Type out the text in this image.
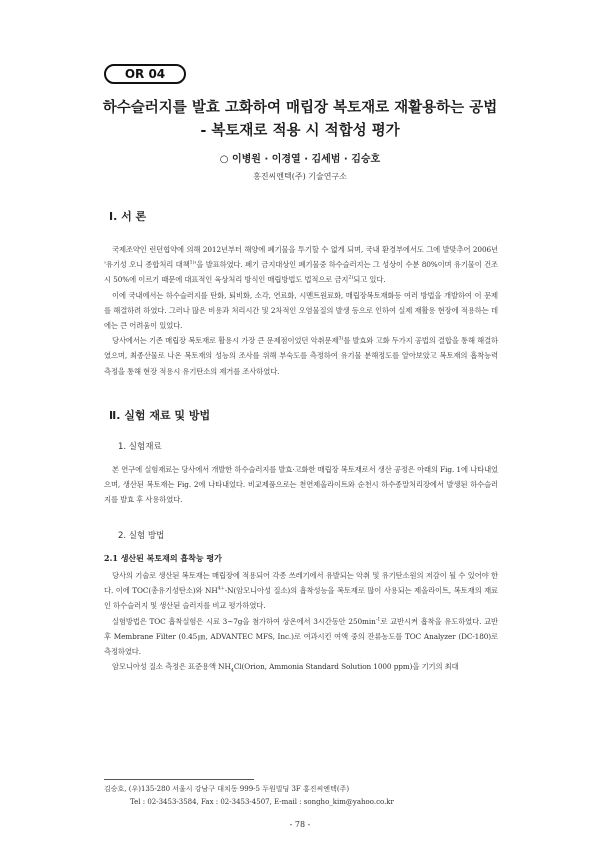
OR 04
하수슬러지를 발효 고화하여 매립장 복토재로 재활용하는 공법
- 복토재로 적용 시 적합성 평가
○ 이병원 · 이경열 · 김세범 · 김승호
홍진씨엔텍(주) 기술연구소
Ⅰ. 서 론

국제조약인 런던협약에 의해 2012년부터 해양에 폐기물을 투기할 수 없게 되며, 국내 환경부에서도 그에 발맞추어 2006년 '유기성 오니 종합처리 대책$^{1)}$'을 발표하였다. 폐기 금지대상인 폐기물중 하수슬러지는 그 성상이 수분 80%이며 유기물이 건조시 50%에 이르기 때문에 대표적인 육상처리 방식인 매립방법도 법적으로 금지$^{2)}$되고 있다.

이에 국내에서는 하수슬러지를 탄화, 퇴비화, 소각, 연료화, 시멘트원료화, 매립장복토재화등 여러 방법을 개발하여 이 문제를 해결하려 하였다. 그러나 많은 비용과 처리시간 및 2차적인 오염물질의 발생 등으로 인하여 실제 재활용 현장에 적용하는 데에는 큰 어려움이 있었다.

당사에서는 기존 매립장 복토재로 활용시 가장 큰 문제점이었던 악취문제$^{3)}$를 발효와 고화 두가지 공법의 결합을 통해 해결하였으며, 최종산물로 나온 복토재의 성능의 조사를 위해 부숙도를 측정하여 유기물 분해정도를 알아보았고 복토재의 흡착능력 측정을 통해 현장 적용시 유기탄소의 제거를 조사하였다.

Ⅱ. 실험 재료 및 방법
1. 실험재료

본 연구에 실험재료는 당사에서 개발한 하수슬러지를 발효·고화한 매립장 복토재로서 생산 공정은 아래의 Fig. 1에 나타내었으며, 생산된 복토재는 Fig. 2에 나타내었다. 비교제품으로는 천연제올라이트와 순천시 하수종말처리장에서 발생된 하수슬러지를 발효 후 사용하였다.

2. 실험 방법
2.1 생산된 복토재의 흡착능 평가

당사의 기술로 생산된 복토재는 매립장에 적용되어 각종 쓰레기에서 유발되는 악취 및 유기탄소원의 저감이 될 수 있어야 한다. 이에 TOC(총유기성탄소)와 $NH^{4+}-N$(암모니아성 질소)의 흡착성능을 복토재로 많이 사용되는 제올라이트, 복토재의 재료인 하수슬러지 및 생산된 슬러지를 비교 평가하였다.

실험방법은 TOC 흡착실험은 시료 3~7g을 첨가하여 상온에서 3시간동안 $250\min^{-1}$로 교반시켜 흡착을 유도하였다. 교반 후 Membrane Filter (0.45㎛, ADVANTEC MFS, Inc.)로 여과시킨 여액 중의 잔류농도를 TOC Analyzer (DC-180)로 측정하였다.

암모니아성 질소 측정은 표준용액 $NH_4Cl(Orion$, Ammonia Standard Solution 1000 ppm)을 기기의 최대

김승호, (우)135-280 서울시 강남구 대치동 999-5 두원빌딩 3F 홍진씨엔텍(주)
Tel : 02-3453-3584, Fax : 02-3453-4507, E-mail : songho_kim@yahoo.co.kr
- 78 -
